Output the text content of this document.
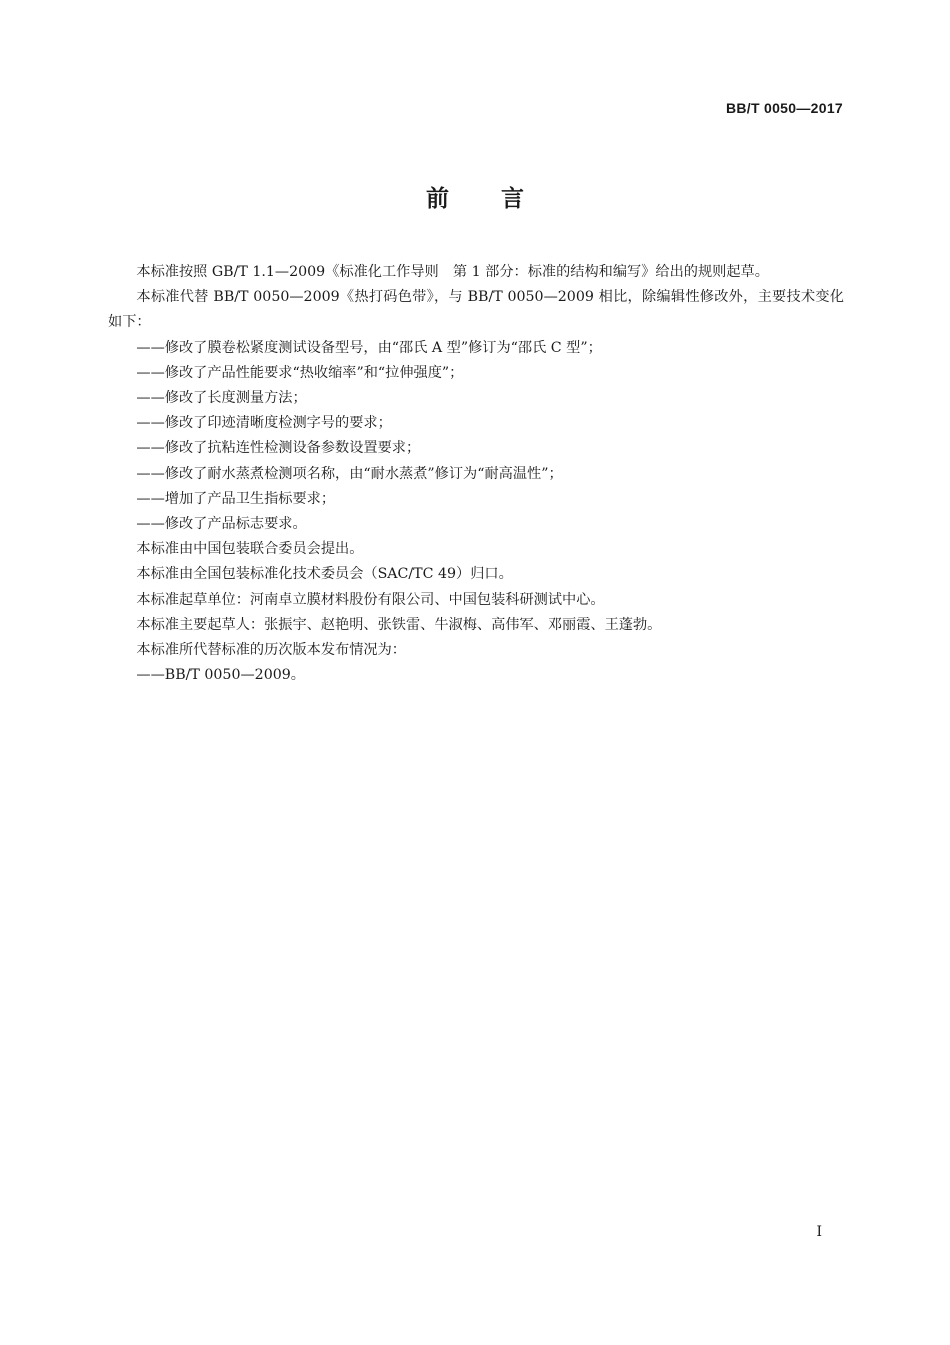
BB/T 0050—2017
前言

本标准按照 GB/T 1.1—2009《标准化工作导则　第 1 部分：标准的结构和编写》给出的规则起草。

本标准代替 BB/T 0050—2009《热打码色带》，与 BB/T 0050—2009 相比，除编辑性修改外，主要技术变化如下：

——修改了膜卷松紧度测试设备型号，由“邵氏 A 型”修订为“邵氏 C 型”；

——修改了产品性能要求“热收缩率”和“拉伸强度”；

——修改了长度测量方法；

——修改了印迹清晰度检测字号的要求；

——修改了抗粘连性检测设备参数设置要求；

——修改了耐水蒸煮检测项名称，由“耐水蒸煮”修订为“耐高温性”；

——增加了产品卫生指标要求；

——修改了产品标志要求。

本标准由中国包装联合委员会提出。

本标准由全国包装标准化技术委员会（SAC/TC 49）归口。

本标准起草单位：河南卓立膜材料股份有限公司、中国包装科研测试中心。

本标准主要起草人：张振宇、赵艳明、张铁雷、牛淑梅、高伟军、邓丽霞、王蓬勃。

本标准所代替标准的历次版本发布情况为：

——BB/T 0050—2009。

I
